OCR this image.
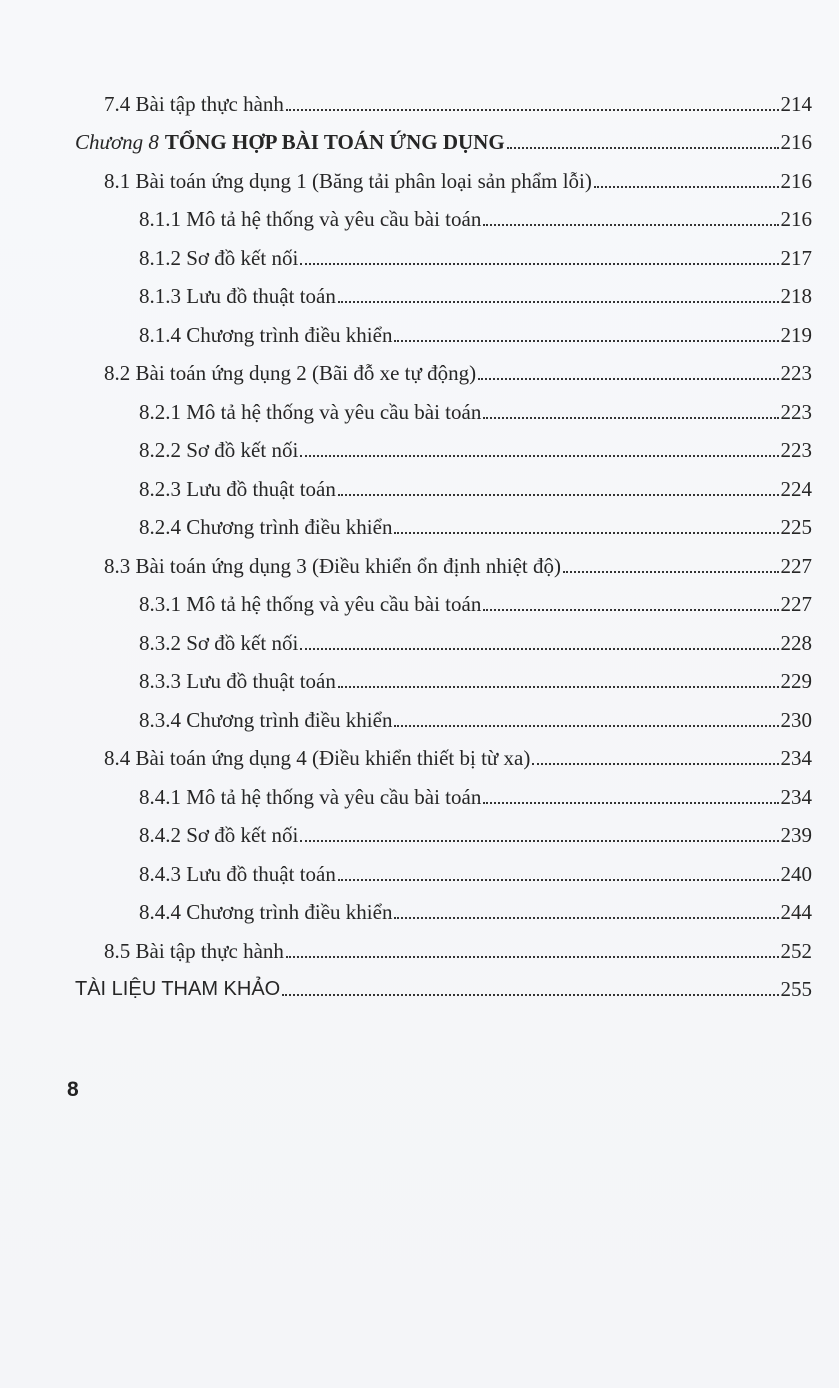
7.4 Bài tập thực hành	214
Chương 8 TỔNG HỢP BÀI TOÁN ỨNG DỤNG	216
8.1 Bài toán ứng dụng 1 (Băng tải phân loại sản phẩm lỗi)	216
8.1.1 Mô tả hệ thống và yêu cầu bài toán	216
8.1.2 Sơ đồ kết nối	217
8.1.3 Lưu đồ thuật toán	218
8.1.4 Chương trình điều khiển	219
8.2 Bài toán ứng dụng 2 (Bãi đỗ xe tự động)	223
8.2.1 Mô tả hệ thống và yêu cầu bài toán	223
8.2.2 Sơ đồ kết nối	223
8.2.3 Lưu đồ thuật toán	224
8.2.4 Chương trình điều khiển	225
8.3 Bài toán ứng dụng 3 (Điều khiển ổn định nhiệt độ)	227
8.3.1 Mô tả hệ thống và yêu cầu bài toán	227
8.3.2 Sơ đồ kết nối	228
8.3.3 Lưu đồ thuật toán	229
8.3.4 Chương trình điều khiển	230
8.4 Bài toán ứng dụng 4 (Điều khiển thiết bị từ xa)	234
8.4.1 Mô tả hệ thống và yêu cầu bài toán	234
8.4.2 Sơ đồ kết nối	239
8.4.3 Lưu đồ thuật toán	240
8.4.4 Chương trình điều khiển	244
8.5 Bài tập thực hành	252
TÀI LIỆU THAM KHẢO	255
8
